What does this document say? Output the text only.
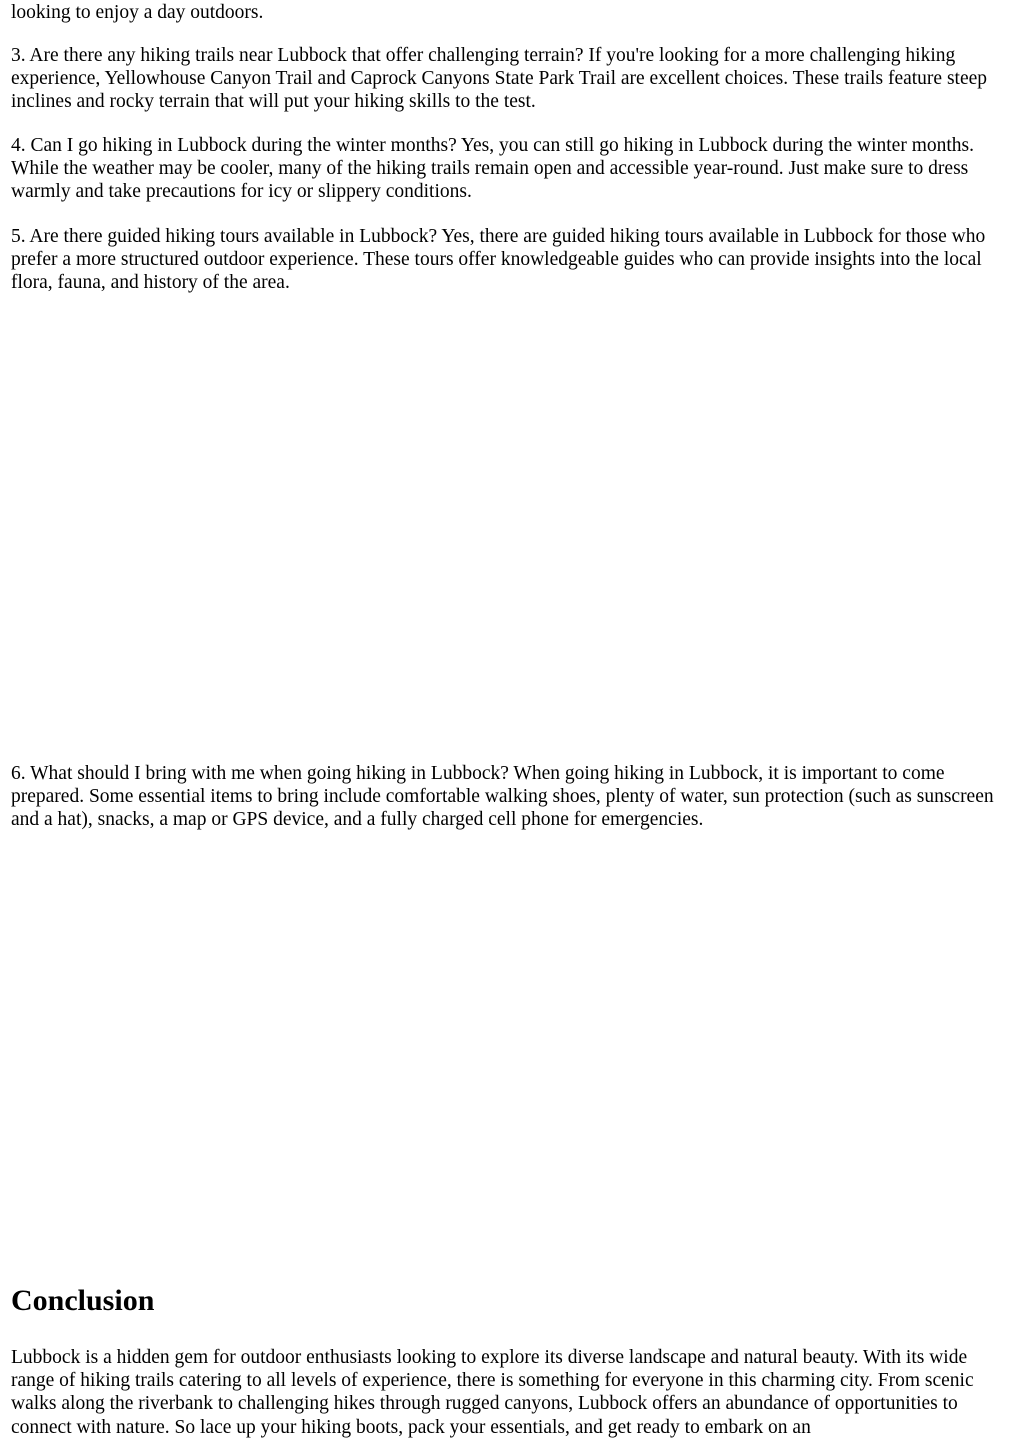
looking to enjoy a day outdoors.

3. Are there any hiking trails near Lubbock that offer challenging terrain? If you're looking for a more challenging hiking experience, Yellowhouse Canyon Trail and Caprock Canyons State Park Trail are excellent choices. These trails feature steep inclines and rocky terrain that will put your hiking skills to the test.

4. Can I go hiking in Lubbock during the winter months? Yes, you can still go hiking in Lubbock during the winter months. While the weather may be cooler, many of the hiking trails remain open and accessible year-round. Just make sure to dress warmly and take precautions for icy or slippery conditions.

5. Are there guided hiking tours available in Lubbock? Yes, there are guided hiking tours available in Lubbock for those who prefer a more structured outdoor experience. These tours offer knowledgeable guides who can provide insights into the local flora, fauna, and history of the area.

6. What should I bring with me when going hiking in Lubbock? When going hiking in Lubbock, it is important to come prepared. Some essential items to bring include comfortable walking shoes, plenty of water, sun protection (such as sunscreen and a hat), snacks, a map or GPS device, and a fully charged cell phone for emergencies.

Conclusion

Lubbock is a hidden gem for outdoor enthusiasts looking to explore its diverse landscape and natural beauty. With its wide range of hiking trails catering to all levels of experience, there is something for everyone in this charming city. From scenic walks along the riverbank to challenging hikes through rugged canyons, Lubbock offers an abundance of opportunities to connect with nature. So lace up your hiking boots, pack your essentials, and get ready to embark on an
